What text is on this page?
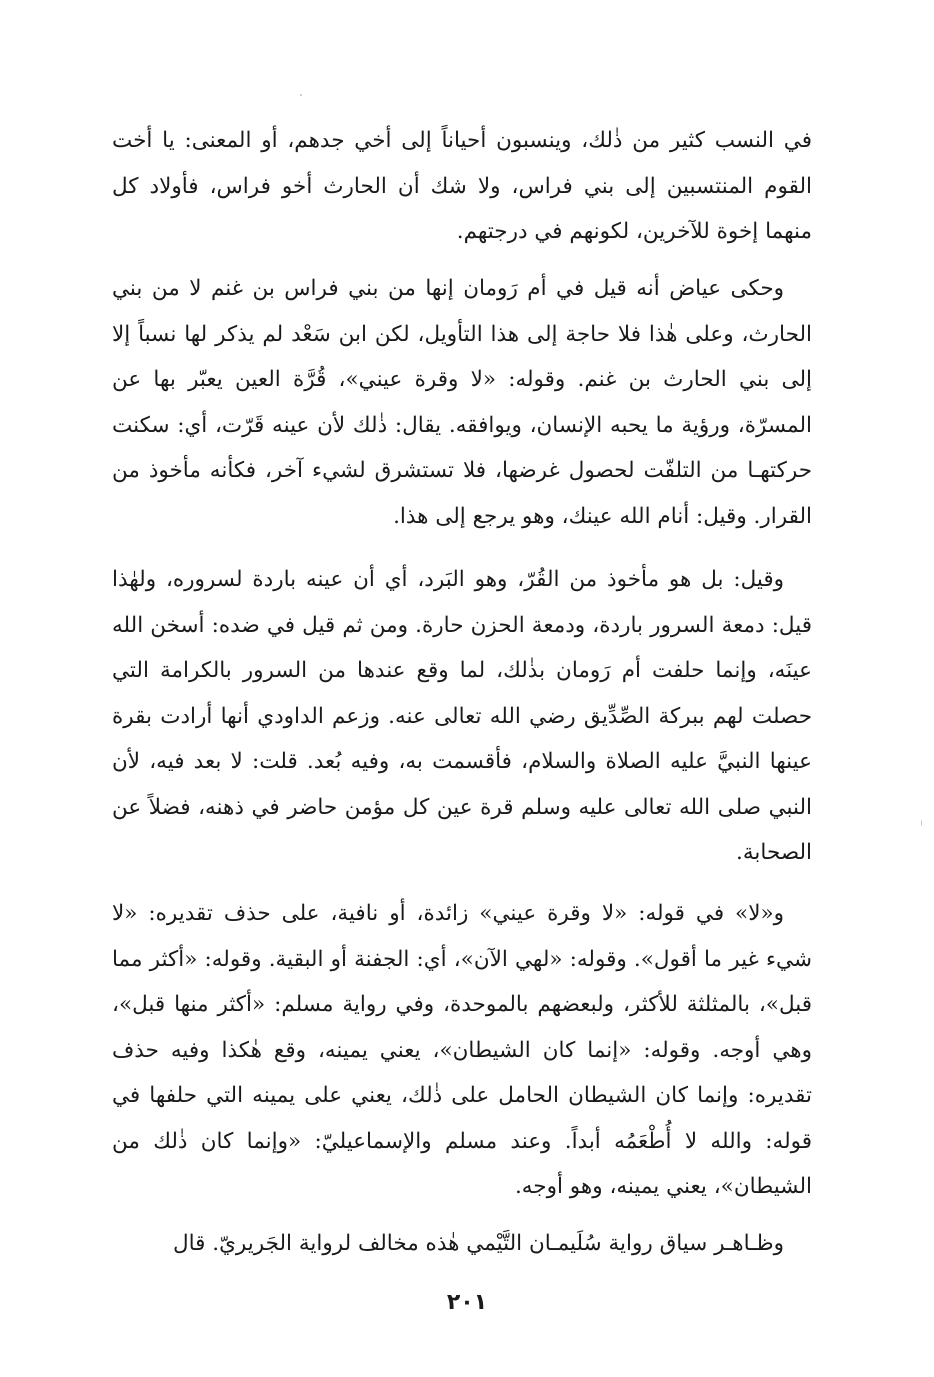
في النسب كثير من ذٰلك، وينسبون أحياناً إلى أخي جدهم، أو المعنى: يا أخت القوم المنتسبين إلى بني فراس، ولا شك أن الحارث أخو فراس، فأولاد كل منهما إخوة للآخرين، لكونهم في درجتهم.

وحكى عياض أنه قيل في أم رَومان إنها من بني فراس بن غنم لا من بني الحارث، وعلى هٰذا فلا حاجة إلى هذا التأويل، لكن ابن سَعْد لم يذكر لها نسباً إلا إلى بني الحارث بن غنم. وقوله: «لا وقرة عيني»، قُرَّة العين يعبّر بها عن المسرّة، ورؤية ما يحبه الإنسان، ويوافقه. يقال: ذٰلك لأن عينه قَرّت، أي: سكنت حركتهـا من التلفّت لحصول غرضها، فلا تستشرق لشيء آخر، فكأنه مأخوذ من القرار. وقيل: أنام الله عينك، وهو يرجع إلى هذا.

وقيل: بل هو مأخوذ من القُرّ، وهو البَرد، أي أن عينه باردة لسروره، ولهٰذا قيل: دمعة السرور باردة، ودمعة الحزن حارة. ومن ثم قيل في ضده: أسخن الله عينَه، وإنما حلفت أم رَومان بذٰلك، لما وقع عندها من السرور بالكرامة التي حصلت لهم ببركة الصِّدِّيق رضي الله تعالى عنه. وزعم الداودي أنها أرادت بقرة عينها النبيَّ عليه الصلاة والسلام، فأقسمت به، وفيه بُعد. قلت: لا بعد فيه، لأن النبي صلى الله تعالى عليه وسلم قرة عين كل مؤمن حاضر في ذهنه، فضلاً عن الصحابة.

و«لا» في قوله: «لا وقرة عيني» زائدة، أو نافية، على حذف تقديره: «لا شيء غير ما أقول». وقوله: «لهي الآن»، أي: الجفنة أو البقية. وقوله: «أكثر مما قبل»، بالمثلثة للأكثر، ولبعضهم بالموحدة، وفي رواية مسلم: «أكثر منها قبل»، وهي أوجه. وقوله: «إنما كان الشيطان»، يعني يمينه، وقع هٰكذا وفيه حذف تقديره: وإنما كان الشيطان الحامل على ذٰلك، يعني على يمينه التي حلفها في قوله: والله لا أُطْعَمُه أبداً. وعند مسلم والإسماعيليّ: «وإنما كان ذٰلك من الشيطان»، يعني يمينه، وهو أوجه.

وظـاهـر سياق رواية سُلَيمـان التَّيْمي هٰذه مخالف لرواية الجَريريّ. قال

٢٠١
